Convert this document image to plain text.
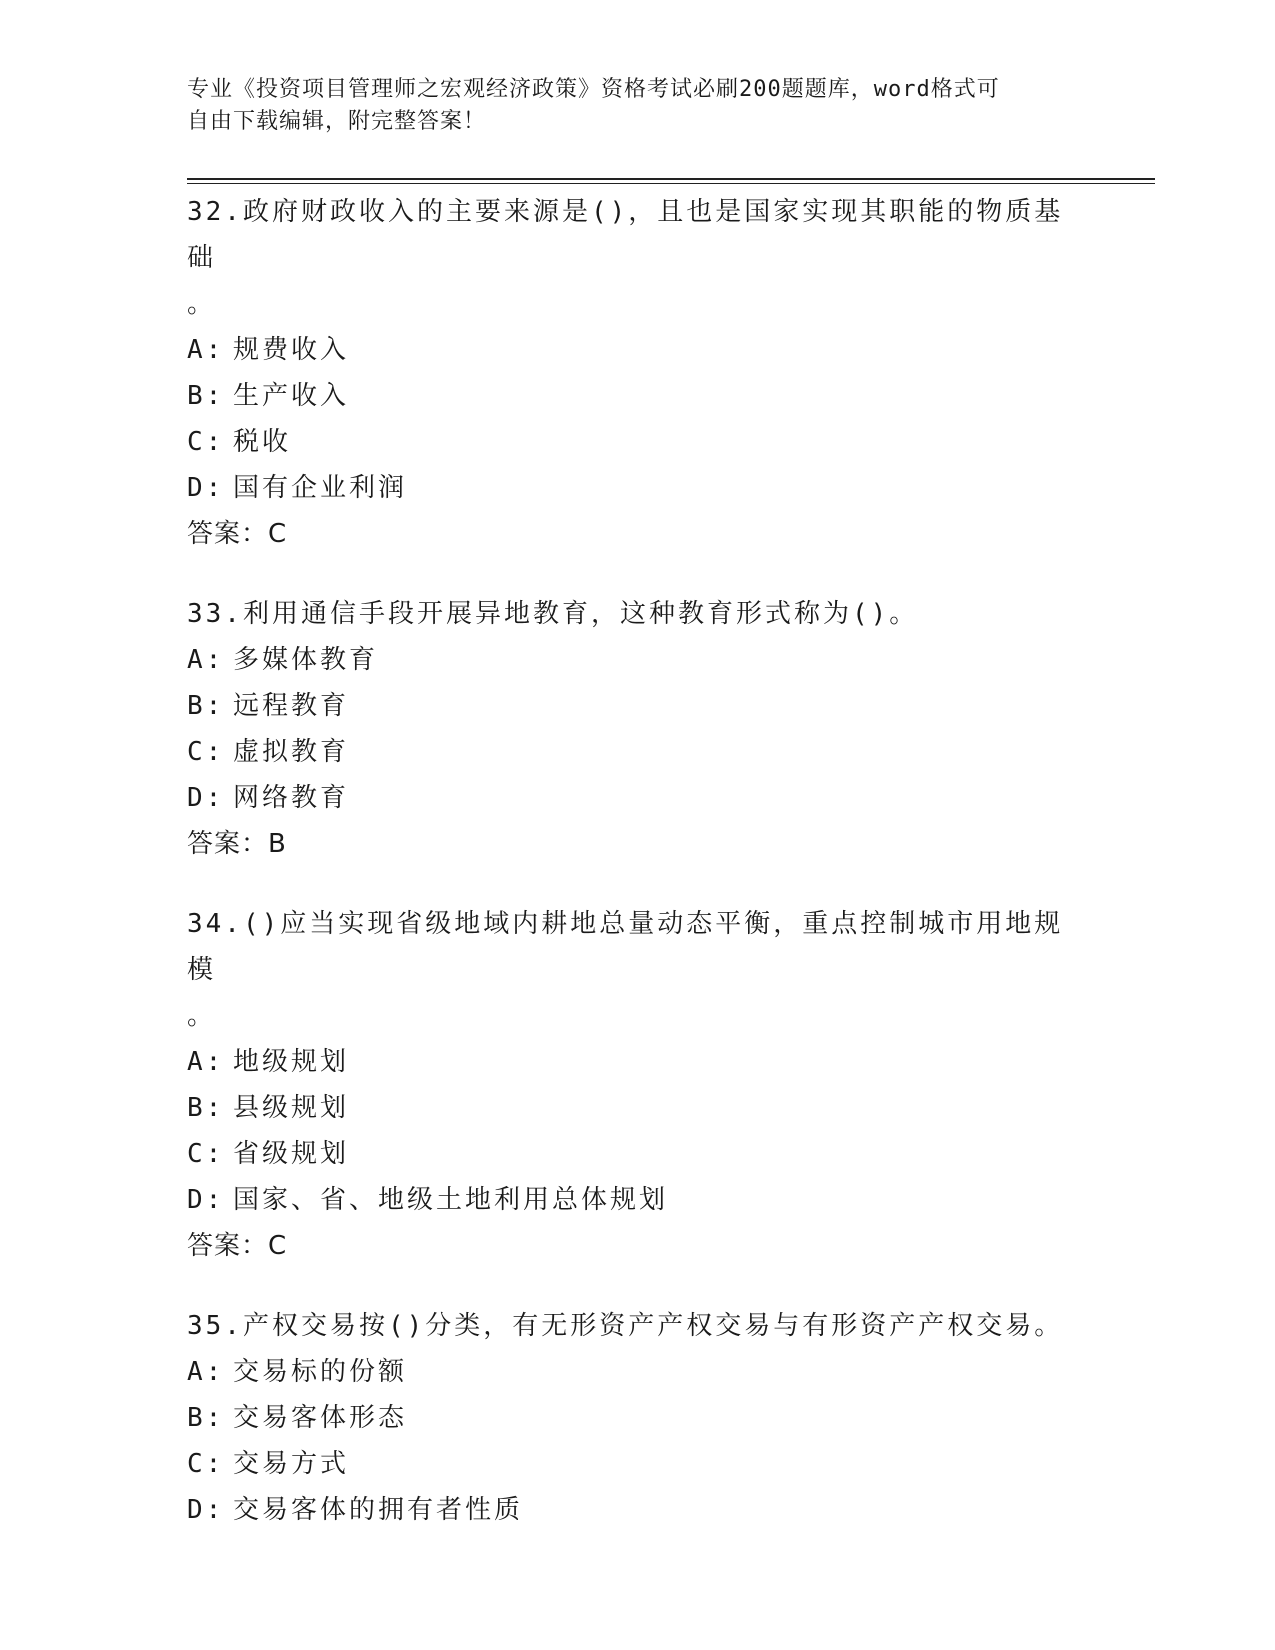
专业《投资项目管理师之宏观经济政策》资格考试必刷200题题库，word格式可
自由下载编辑，附完整答案！
32.政府财政收入的主要来源是()，且也是国家实现其职能的物质基础
。
A: 规费收入
B: 生产收入
C: 税收
D: 国有企业利润
答案：C
33.利用通信手段开展异地教育，这种教育形式称为()。
A: 多媒体教育
B: 远程教育
C: 虚拟教育
D: 网络教育
答案：B
34.()应当实现省级地域内耕地总量动态平衡，重点控制城市用地规模
。
A: 地级规划
B: 县级规划
C: 省级规划
D: 国家、省、地级土地利用总体规划
答案：C
35.产权交易按()分类，有无形资产产权交易与有形资产产权交易。
A: 交易标的份额
B: 交易客体形态
C: 交易方式
D: 交易客体的拥有者性质
